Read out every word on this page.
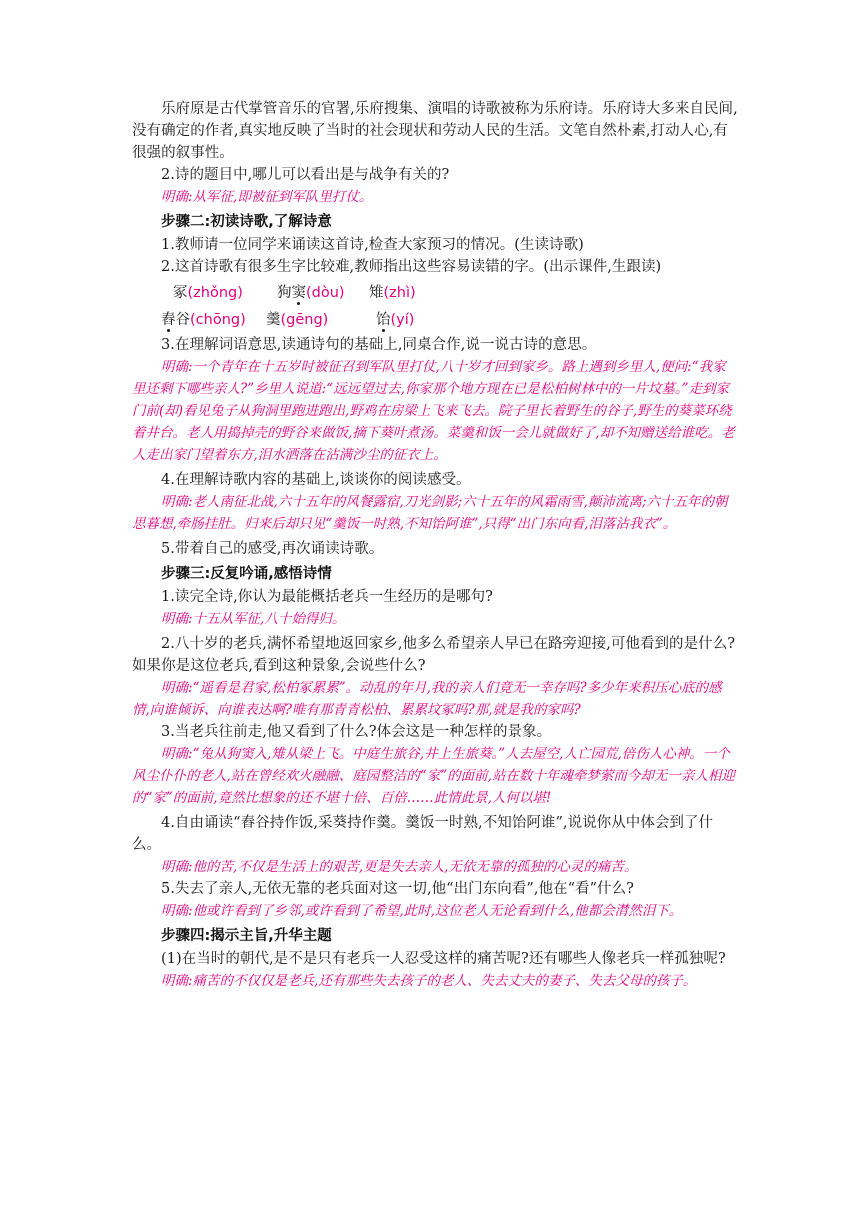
乐府原是古代掌管音乐的官署,乐府搜集、演唱的诗歌被称为乐府诗。乐府诗大多来自民间,没有确定的作者,真实地反映了当时的社会现状和劳动人民的生活。文笔自然朴素,打动人心,有很强的叙事性。

2.诗的题目中,哪儿可以看出是与战争有关的?

明确:从军征,即被征到军队里打仗。

步骤二:初读诗歌,了解诗意

1.教师请一位同学来诵读这首诗,检查大家预习的情况。(生读诗歌)

2.这首诗歌有很多生字比较难,教师指出这些容易读错的字。(出示课件,生跟读)

冢(zhǒng) 狗窦(dòu) 雉(zhì)
舂谷(chōng) 羹(gēng)	饴(yí)

3.在理解词语意思,读通诗句的基础上,同桌合作,说一说古诗的意思。

明确:一个青年在十五岁时被征召到军队里打仗,八十岁才回到家乡。路上遇到乡里人,便问:“我家里还剩下哪些亲人?”乡里人说道:“远远望过去,你家那个地方现在已是松柏树林中的一片坟墓。”走到家门前(却)看见兔子从狗洞里跑进跑出,野鸡在房梁上飞来飞去。院子里长着野生的谷子,野生的葵菜环绕着井台。老人用捣掉壳的野谷来做饭,摘下葵叶煮汤。菜羹和饭一会儿就做好了,却不知赠送给谁吃。老人走出家门望着东方,泪水洒落在沾满沙尘的征衣上。

4.在理解诗歌内容的基础上,谈谈你的阅读感受。

明确:老人南征北战,六十五年的风餐露宿,刀光剑影;六十五年的风霜雨雪,颠沛流离;六十五年的朝思暮想,牵肠挂肚。归来后却只见“羹饭一时熟,不知饴阿谁”,只得“出门东向看,泪落沾我衣”。

5.带着自己的感受,再次诵读诗歌。

步骤三:反复吟诵,感悟诗情

1.读完全诗,你认为最能概括老兵一生经历的是哪句?

明确:十五从军征,八十始得归。

2.八十岁的老兵,满怀希望地返回家乡,他多么希望亲人早已在路旁迎接,可他看到的是什么?如果你是这位老兵,看到这种景象,会说些什么?

明确:“遥看是君家,松柏冢累累”。动乱的年月,我的亲人们竟无一幸存吗?多少年来积压心底的感情,向谁倾诉、向谁表达啊?唯有那青青松柏、累累坟冢吗?那,就是我的家吗?

3.当老兵往前走,他又看到了什么?体会这是一种怎样的景象。

明确:“兔从狗窦入,雉从梁上飞。中庭生旅谷,井上生旅葵。”人去屋空,人亡园荒,倍伤人心神。一个风尘仆仆的老人,站在曾经欢火融融、庭园整洁的“家”的面前,站在数十年魂牵梦萦而今却无一亲人相迎的“家”的面前,竟然比想象的还不堪十倍、百倍……此情此景,人何以堪!

4.自由诵读“舂谷持作饭,采葵持作羹。羹饭一时熟,不知饴阿谁”,说说你从中体会到了什么。

明确:他的苦,不仅是生活上的艰苦,更是失去亲人,无依无靠的孤独的心灵的痛苦。

5.失去了亲人,无依无靠的老兵面对这一切,他“出门东向看”,他在“看”什么?

明确:他或许看到了乡邻,或许看到了希望,此时,这位老人无论看到什么,他都会潸然泪下。

步骤四:揭示主旨,升华主题

(1)在当时的朝代,是不是只有老兵一人忍受这样的痛苦呢?还有哪些人像老兵一样孤独呢?

明确:痛苦的不仅仅是老兵,还有那些失去孩子的老人、失去丈夫的妻子、失去父母的孩子。
